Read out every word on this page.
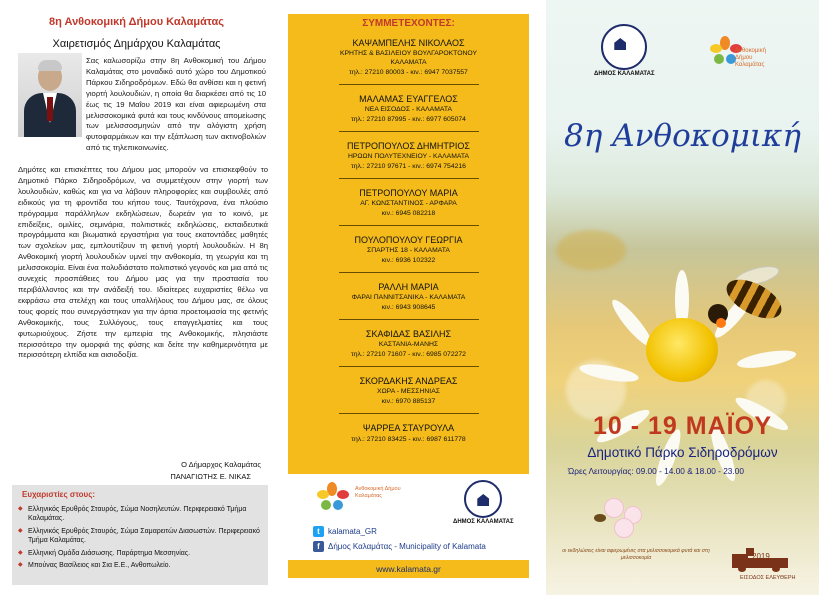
8η Ανθοκομική Δήμου Καλαμάτας
Χαιρετισμός Δημάρχου Καλαμάτας
Σας καλωσορίζω στην 8η Ανθοκομική του Δήμου Καλαμάτας στο μοναδικό αυτό χώρο του Δημοτικού Πάρκου Σιδηροδρόμων. Εδώ θα ανθίσει και η φετινή γιορτή λουλουδιών, η οποία θα διαρκέσει από τις 10 έως τις 19 Μαΐου 2019 και είναι αφιερωμένη στα μελισσοκομικά φυτά και τους κινδύνους απομείωσης των μελισσοσμηνών από την αλόγιστη χρήση φυτοφαρμάκων και την εξάπλωση των ακτινοβολιών από τις τηλεπικοινωνίες.
Δημότες και επισκέπτες του Δήμου μας μπορούν να επισκεφθούν το Δημοτικό Πάρκο Σιδηροδρόμων, να συμμετέχουν στην γιορτή των λουλουδιών, καθώς και για να λάβουν πληροφορίες και συμβουλές από ειδικούς για τη φροντίδα του κήπου τους. Ταυτόχρονα, ένα πλούσιο πρόγραμμα παράλληλων εκδηλώσεων, δωρεάν για το κοινό, με επιδείξεις, ομιλίες, σεμινάρια, πολιτιστικές εκδηλώσεις, εκπαιδευτικά προγράμματα και βιωματικά εργαστήρια για τους εκατοντάδες μαθητές των σχολείων μας, εμπλουτίζουν τη φετινή γιορτή λουλουδιών. Η 8η Ανθοκομική γιορτή λουλουδιών υμνεί την ανθοκομία, τη γεωργία και τη μελισσοκομία. Είναι ένα πολυδιάστατο πολιτιστικό γεγονός και μια από τις συνεχείς προσπάθειες του Δήμου μας για την προστασία του περιβάλλοντος και την ανάδειξή του. Ιδιαίτερες ευχαριστίες θέλω να εκφράσω στα στελέχη και τους υπαλλήλους του Δήμου μας, σε όλους τους φορείς που συνεργάστηκαν για την άρτια προετοιμασία της φετινής Ανθοκομικής, τους Συλλόγους, τους επαγγελματίες και τους φυτωριούχους. Ζήστε την εμπειρία της Ανθοκομικής, πλησιάστε περισσότερο την ομορφιά της φύσης και δείτε την καθημερινότητα με περισσότερη ελπίδα και αισιοδοξία.
Ο Δήμαρχος Καλαμάτας
ΠΑΝΑΓΙΩΤΗΣ Ε. ΝΙΚΑΣ
Ευχαριστίες στους:
◆ Ελληνικός Ερυθρός Σταυρός, Σώμα Νοσηλευτών. Περιφερειακό Τμήμα Καλαμάτας.
◆ Ελληνικός Ερυθρός Σταυρός, Σώμα Σαμαρειτών Διασωστών. Περιφερειακό Τμήμα Καλαμάτας.
◆ Ελληνική Ομάδα Διάσωσης. Παράρτημα Μεσσηνίας.
◆ Μπούνας Βασίλειος και Σια Ε.Ε., Ανθοπωλείο.
ΣΥΜΜΕΤΕΧΟΝΤΕΣ:
ΚΑΨΑΜΠΕΛΗΣ ΝΙΚΟΛΑΟΣ
ΚΡΗΤΗΣ & ΒΑΣΙΛΕΙΟΥ ΒΟΥΛΓΑΡΟΚΤΟΝΟΥ
ΚΑΛΑΜΑΤΑ
τηλ.: 27210 80003 - κιν.: 6947 7037557
ΜΑΛΑΜΑΣ ΕΥΑΓΓΕΛΟΣ
ΝΕΑ ΕΙΣΟΔΟΣ - ΚΑΛΑΜΑΤΑ
τηλ.: 27210 87995 - κιν.: 6977 605074
ΠΕΤΡΟΠΟΥΛΟΣ ΔΗΜΗΤΡΙΟΣ
ΗΡΩΩΝ ΠΟΛΥΤΕΧΝΕΙΟΥ - ΚΑΛΑΜΑΤΑ
τηλ.: 27210 97671 - κιν.: 6974 754216
ΠΕΤΡΟΠΟΥΛΟΥ ΜΑΡΙΑ
ΑΓ. ΚΩΝΣΤΑΝΤΙΝΟΣ - ΑΡΦΑΡΑ
κιν.: 6945 082218
ΠΟΥΛΟΠΟΥΛΟΥ ΓΕΩΡΓΙΑ
ΣΠΑΡΤΗΣ 18 - ΚΑΛΑΜΑΤΑ
κιν.: 6936 102322
ΡΑΛΛΗ ΜΑΡΙΑ
ΦΑΡΑΙ ΠΑΝΝΙΤΣΑΝΙΚΑ - ΚΑΛΑΜΑΤΑ
κιν.: 6943 908645
ΣΚΑΦΙΔΑΣ ΒΑΣΙΛΗΣ
ΚΑΣΤΑΝΙΑ-ΜΑΝΗΣ
τηλ.: 27210 71607 - κιν.: 6985 072272
ΣΚΟΡΔΑΚΗΣ ΑΝΔΡΕΑΣ
ΧΩΡΑ - ΜΕΣΣΗΝΙΑΣ
κιν.: 6970 885137
ΨΑΡΡΕΑ ΣΤΑΥΡΟΥΛΑ
τηλ.: 27210 83425 - κιν.: 6987 611778
Ανθοκομική Δήμου Καλαμάτας
ΔΗΜΟΣ ΚΑΛΑΜΑΤΑΣ
t	kalamata_GR
f	Δήμος Καλαμάτας - Municipality of Kalamata
www.kalamata.gr
ΔΗΜΟΣ ΚΑΛΑΜΑΤΑΣ
Ανθοκομική
Δήμου
Καλαμάτας
8η Ανθοκομική
10 - 19 ΜΑΪΟΥ
Δημοτικό Πάρκο Σιδηροδρόμων
Ώρες Λειτουργίας: 09.00 - 14.00 & 18.00 - 23.00
οι εκδηλώσεις είναι αφιερωμένες στα μελισσοκομικά φυτά και στη μελισσοκομία	2019
ΕΙΣΟΔΟΣ ΕΛΕΥΘΕΡΗ
